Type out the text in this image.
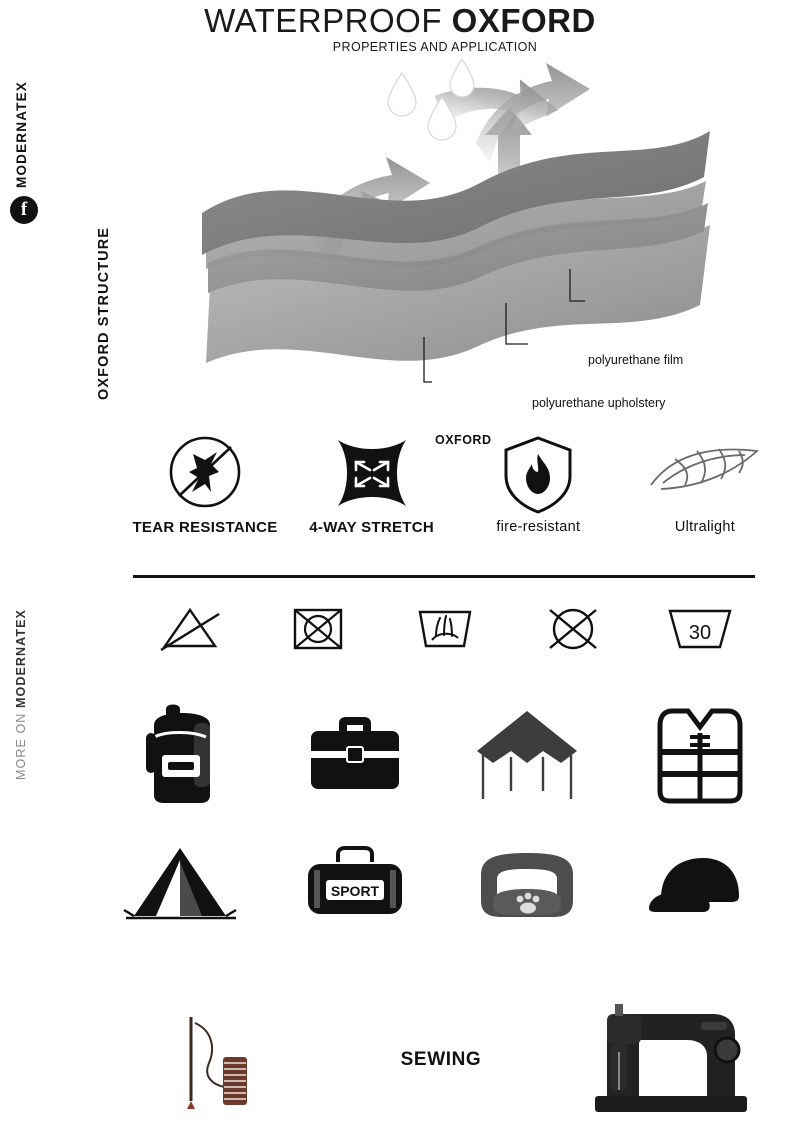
WATERPROOF OXFORD
PROPERTIES AND APPLICATION
MODERNATEX
f
MORE ON MODERNATEX
OXFORD STRUCTURE	polyurethane film
polyurethane upholstery
OXFORD
TEAR RESISTANCE	4-WAY STRETCH	fire-resistant	Ultralight
30
SPORT
SEWING
